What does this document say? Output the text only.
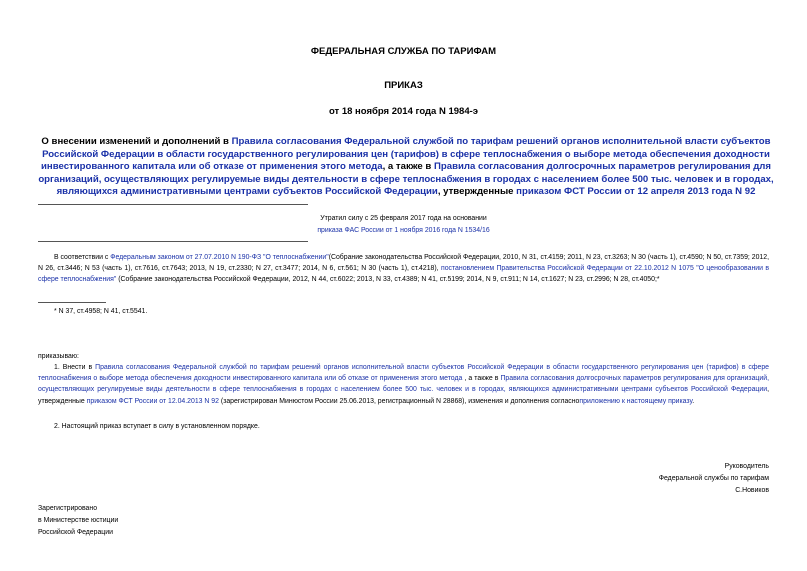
ФЕДЕРАЛЬНАЯ СЛУЖБА ПО ТАРИФАМ
ПРИКАЗ
от 18 ноября 2014 года N 1984-э
О внесении изменений и дополнений в Правила согласования Федеральной службой по тарифам решений органов исполнительной власти субъектов Российской Федерации в области государственного регулирования цен (тарифов) в сфере теплоснабжения о выборе метода обеспечения доходности инвестированного капитала или об отказе от применения этого метода, а также в Правила согласования долгосрочных параметров регулирования для организаций, осуществляющих регулируемые виды деятельности в сфере теплоснабжения в городах с населением более 500 тыс. человек и в городах, являющихся административными центрами субъектов Российской Федерации, утвержденные приказом ФСТ России от 12 апреля 2013 года N 92
Утратил силу с 25 февраля 2017 года на основании
приказа ФАС России от 1 ноября 2016 года N 1534/16
В соответствии с Федеральным законом от 27.07.2010 N 190-ФЗ "О теплоснабжении"(Собрание законодательства Российской Федерации, 2010, N 31, ст.4159; 2011, N 23, ст.3263; N 30 (часть 1), ст.4590; N 50, ст.7359; 2012, N 26, ст.3446; N 53 (часть 1), ст.7616, ст.7643; 2013, N 19, ст.2330; N 27, ст.3477; 2014, N 6, ст.561; N 30 (часть 1), ст.4218), постановлением Правительства Российской Федерации от 22.10.2012 N 1075 "О ценообразовании в сфере теплоснабжения" (Собрание законодательства Российской Федерации, 2012, N 44, ст.6022; 2013, N 33, ст.4389; N 41, ст.5199; 2014, N 9, ст.911; N 14, ст.1627; N 23, ст.2996; N 28, ст.4050;*
* N 37, ст.4958; N 41, ст.5541.
приказываю:
1. Внести в Правила согласования Федеральной службой по тарифам решений органов исполнительной власти субъектов Российской Федерации в области государственного регулирования цен (тарифов) в сфере теплоснабжения о выборе метода обеспечения доходности инвестированного капитала или об отказе от применения этого метода , а также в Правила согласования долгосрочных параметров регулирования для организаций, осуществляющих регулируемые виды деятельности в сфере теплоснабжения в городах с населением более 500 тыс. человек и в городах, являющихся административными центрами субъектов Российской Федерации, утвержденные приказом ФСТ России от 12.04.2013 N 92 (зарегистрирован Минюстом России 25.06.2013, регистрационный N 28868), изменения и дополнения согласноприложению к настоящему приказу.
2. Настоящий приказ вступает в силу в установленном порядке.
Руководитель
Федеральной службы по тарифам
С.Новиков
Зарегистрировано
в Министерстве юстиции
Российской Федерации
